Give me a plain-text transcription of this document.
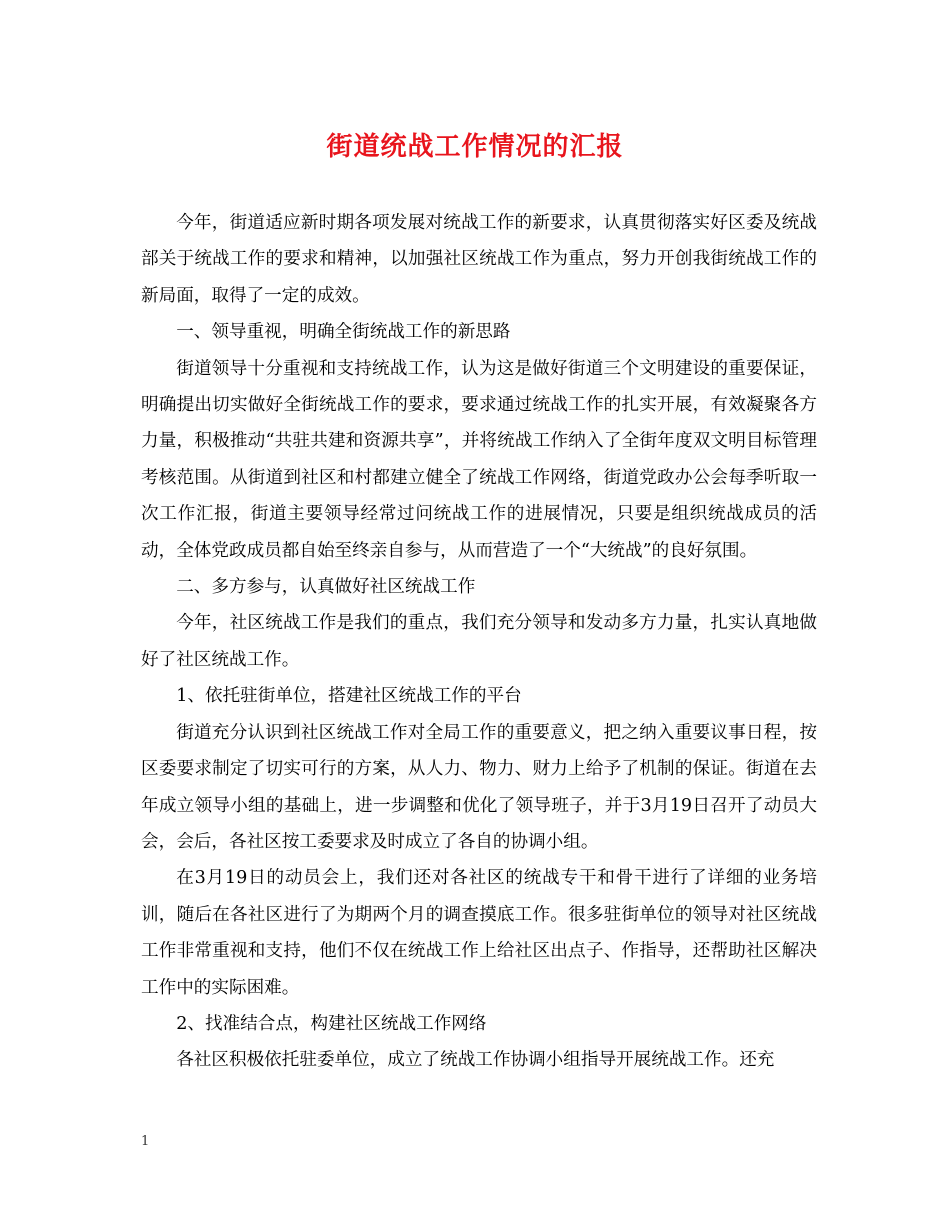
街道统战工作情况的汇报

今年，街道适应新时期各项发展对统战工作的新要求，认真贯彻落实好区委及统战部关于统战工作的要求和精神，以加强社区统战工作为重点，努力开创我街统战工作的新局面，取得了一定的成效。

一、领导重视，明确全街统战工作的新思路

街道领导十分重视和支持统战工作，认为这是做好街道三个文明建设的重要保证，明确提出切实做好全街统战工作的要求，要求通过统战工作的扎实开展，有效凝聚各方力量，积极推动“共驻共建和资源共享”，并将统战工作纳入了全街年度双文明目标管理考核范围。从街道到社区和村都建立健全了统战工作网络，街道党政办公会每季听取一次工作汇报，街道主要领导经常过问统战工作的进展情况，只要是组织统战成员的活动，全体党政成员都自始至终亲自参与，从而营造了一个“大统战”的良好氛围。

二、多方参与，认真做好社区统战工作

今年，社区统战工作是我们的重点，我们充分领导和发动多方力量，扎实认真地做好了社区统战工作。

1、依托驻街单位，搭建社区统战工作的平台

街道充分认识到社区统战工作对全局工作的重要意义，把之纳入重要议事日程，按区委要求制定了切实可行的方案，从人力、物力、财力上给予了机制的保证。街道在去年成立领导小组的基础上，进一步调整和优化了领导班子，并于3月19日召开了动员大会，会后，各社区按工委要求及时成立了各自的协调小组。

在3月19日的动员会上，我们还对各社区的统战专干和骨干进行了详细的业务培训，随后在各社区进行了为期两个月的调查摸底工作。很多驻街单位的领导对社区统战工作非常重视和支持，他们不仅在统战工作上给社区出点子、作指导，还帮助社区解决工作中的实际困难。

2、找准结合点，构建社区统战工作网络

各社区积极依托驻委单位，成立了统战工作协调小组指导开展统战工作。还充

1
